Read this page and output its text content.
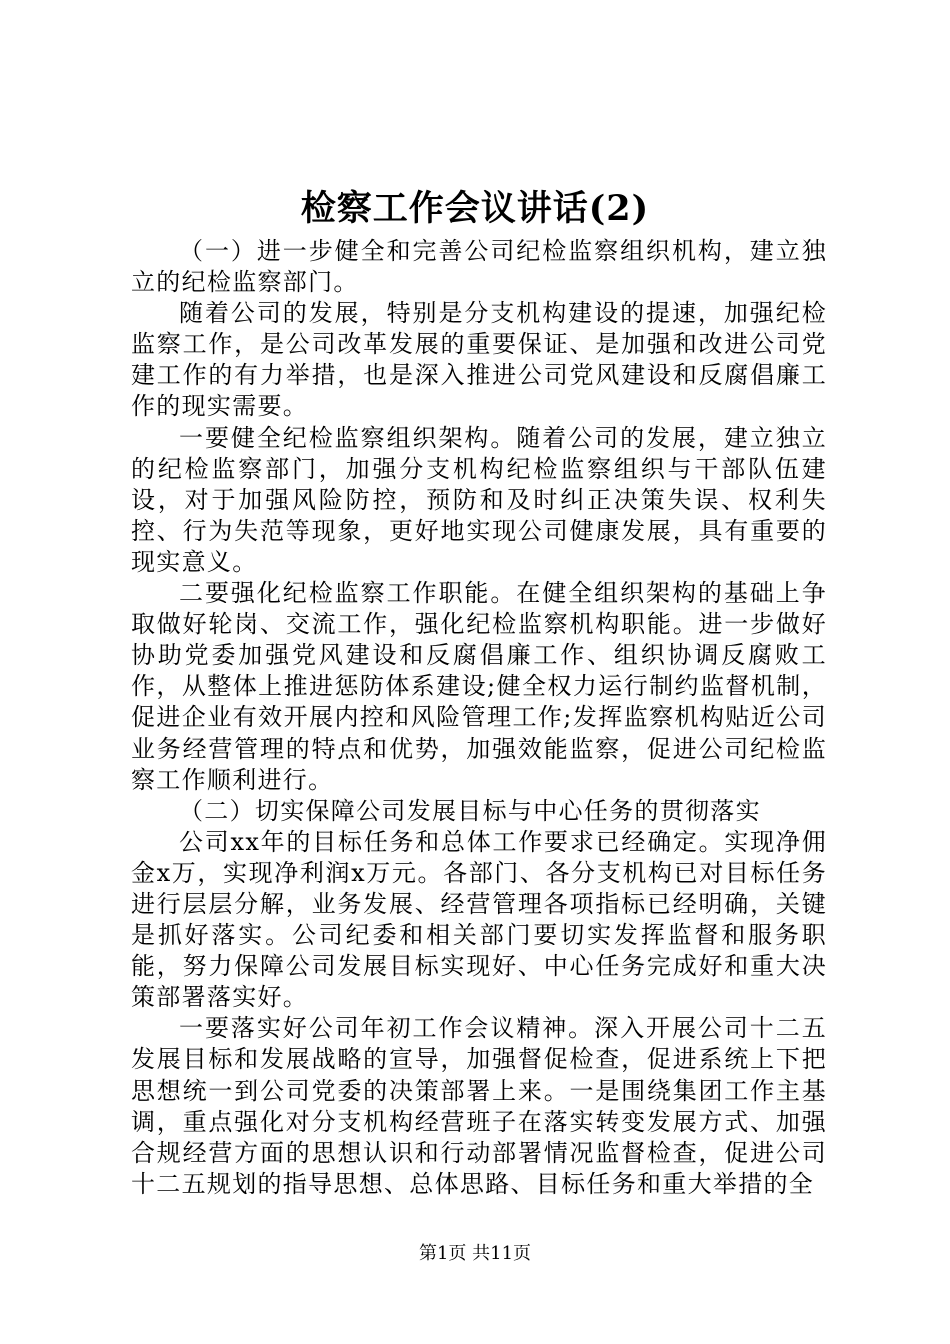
检察工作会议讲话(2)

（一）进一步健全和完善公司纪检监察组织机构，建立独立的纪检监察部门。

随着公司的发展，特别是分支机构建设的提速，加强纪检监察工作，是公司改革发展的重要保证、是加强和改进公司党建工作的有力举措，也是深入推进公司党风建设和反腐倡廉工作的现实需要。

一要健全纪检监察组织架构。随着公司的发展，建立独立的纪检监察部门，加强分支机构纪检监察组织与干部队伍建设，对于加强风险防控，预防和及时纠正决策失误、权利失控、行为失范等现象，更好地实现公司健康发展，具有重要的现实意义。

二要强化纪检监察工作职能。在健全组织架构的基础上争取做好轮岗、交流工作，强化纪检监察机构职能。进一步做好协助党委加强党风建设和反腐倡廉工作、组织协调反腐败工作，从整体上推进惩防体系建设;健全权力运行制约监督机制，促进企业有效开展内控和风险管理工作;发挥监察机构贴近公司业务经营管理的特点和优势，加强效能监察，促进公司纪检监察工作顺利进行。

（二）切实保障公司发展目标与中心任务的贯彻落实

公司xx年的目标任务和总体工作要求已经确定。实现净佣金x万，实现净利润x万元。各部门、各分支机构已对目标任务进行层层分解，业务发展、经营管理各项指标已经明确，关键是抓好落实。公司纪委和相关部门要切实发挥监督和服务职能，努力保障公司发展目标实现好、中心任务完成好和重大决策部署落实好。

一要落实好公司年初工作会议精神。深入开展公司十二五发展目标和发展战略的宣导，加强督促检查，促进系统上下把思想统一到公司党委的决策部署上来。一是围绕集团工作主基调，重点强化对分支机构经营班子在落实转变发展方式、加强合规经营方面的思想认识和行动部署情况监督检查，促进公司十二五规划的指导思想、总体思路、目标任务和重大举措的全

第1页 共11页
